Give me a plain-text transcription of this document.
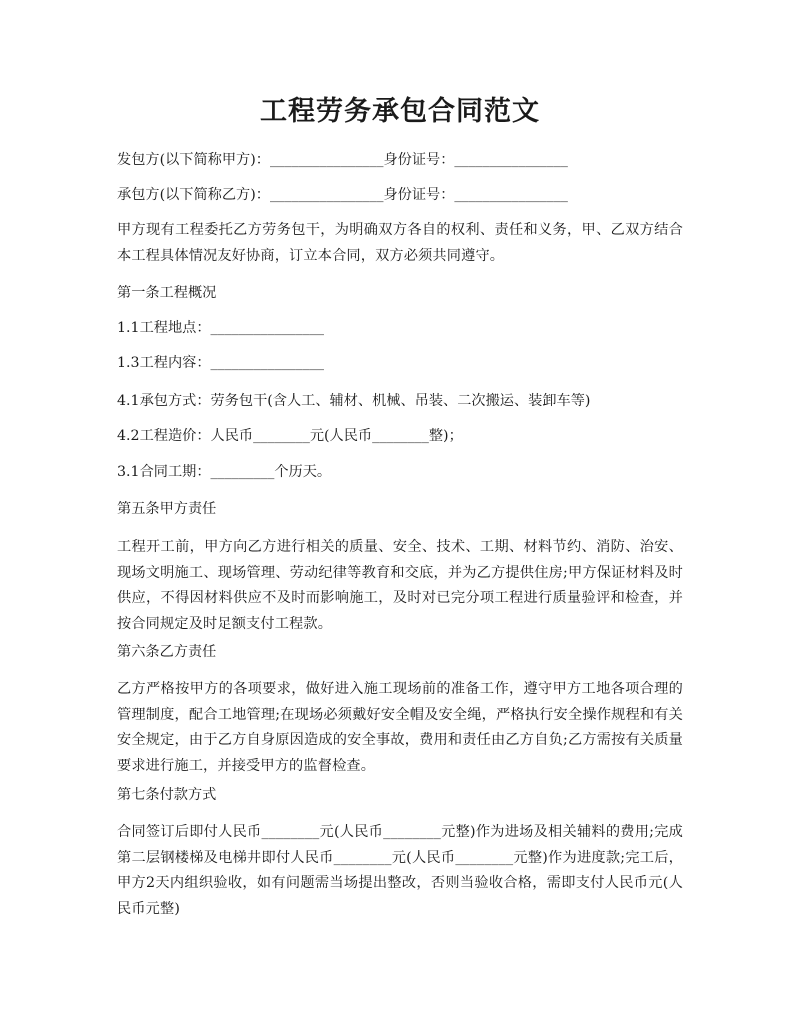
工程劳务承包合同范文

发包方(以下简称甲方)：________________身份证号：________________

承包方(以下简称乙方)：________________身份证号：________________

甲方现有工程委托乙方劳务包干，为明确双方各自的权利、责任和义务，甲、乙双方结合本工程具体情况友好协商，订立本合同，双方必须共同遵守。

第一条工程概况

1.1工程地点：________________

1.3工程内容：________________

4.1承包方式：劳务包干(含人工、辅材、机械、吊装、二次搬运、装卸车等)

4.2工程造价：人民币________元(人民币________整)；

3.1合同工期：_________个历天。

第五条甲方责任

工程开工前，甲方向乙方进行相关的质量、安全、技术、工期、材料节约、消防、治安、现场文明施工、现场管理、劳动纪律等教育和交底，并为乙方提供住房;甲方保证材料及时供应，不得因材料供应不及时而影响施工，及时对已完分项工程进行质量验评和检查，并按合同规定及时足额支付工程款。

第六条乙方责任

乙方严格按甲方的各项要求，做好进入施工现场前的准备工作，遵守甲方工地各项合理的管理制度，配合工地管理;在现场必须戴好安全帽及安全绳，严格执行安全操作规程和有关安全规定，由于乙方自身原因造成的安全事故，费用和责任由乙方自负;乙方需按有关质量要求进行施工，并接受甲方的监督检查。

第七条付款方式

合同签订后即付人民币________元(人民币________元整)作为进场及相关辅料的费用;完成第二层钢楼梯及电梯井即付人民币________元(人民币________元整)作为进度款;完工后，甲方2天内组织验收，如有问题需当场提出整改，否则当验收合格，需即支付人民币元(人民币元整)
